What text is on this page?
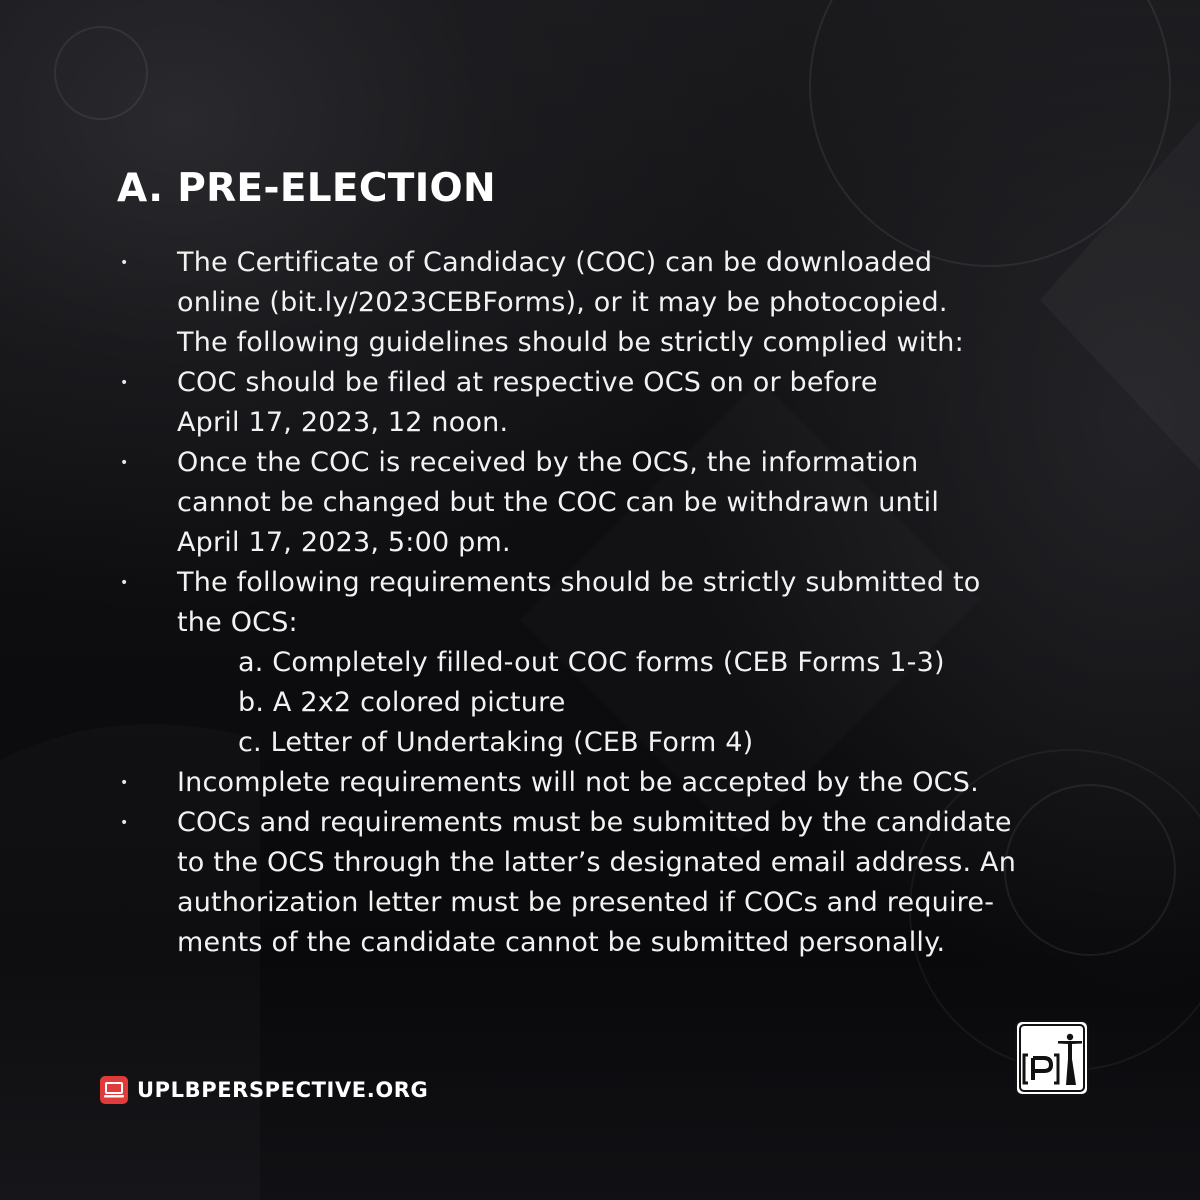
A. PRE-ELECTION
• The Certificate of Candidacy (COC) can be downloaded
online (bit.ly/2023CEBForms), or it may be photocopied.
The following guidelines should be strictly complied with:
• COC should be filed at respective OCS on or before
April 17, 2023, 12 noon.
• Once the COC is received by the OCS, the information
cannot be changed but the COC can be withdrawn until
April 17, 2023, 5:00 pm.
• The following requirements should be strictly submitted to
the OCS:
a. Completely filled-out COC forms (CEB Forms 1-3)
b. A 2x2 colored picture
c. Letter of Undertaking (CEB Form 4)
• Incomplete requirements will not be accepted by the OCS.
• COCs and requirements must be submitted by the candidate
to the OCS through the latter’s designated email address. An
authorization letter must be presented if COCs and require-
ments of the candidate cannot be submitted personally.
UPLBPERSPECTIVE.ORG
